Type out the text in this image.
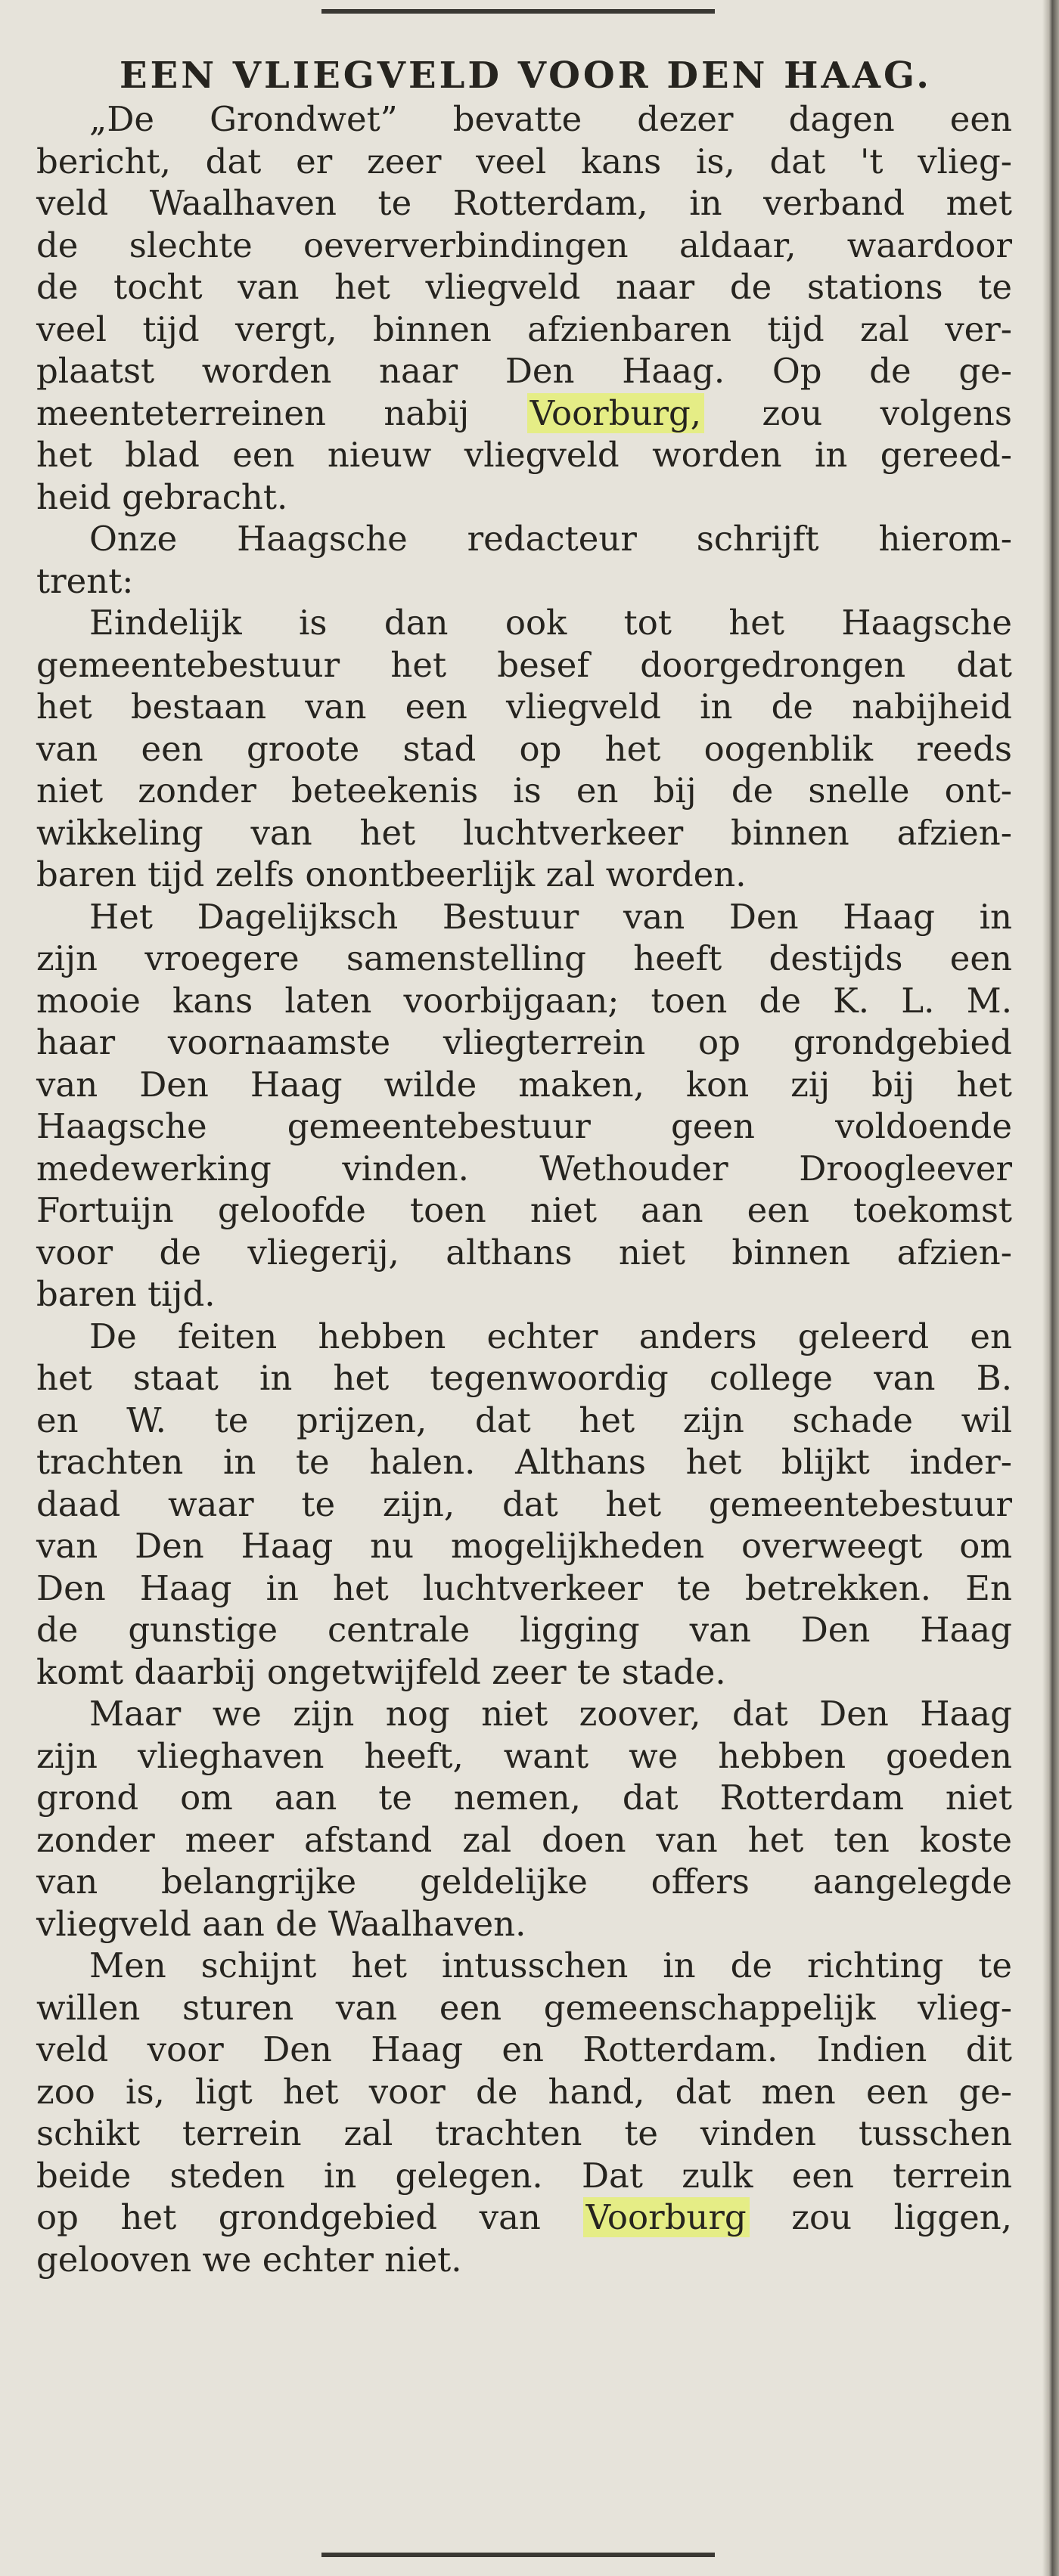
EEN VLIEGVELD VOOR DEN HAAG.
„De Grondwet” bevatte dezer dagen een
bericht, dat er zeer veel kans is, dat 't vlieg-
veld Waalhaven te Rotterdam, in verband met
de slechte oeververbindingen aldaar, waardoor
de tocht van het vliegveld naar de stations te
veel tijd vergt, binnen afzienbaren tijd zal ver-
plaatst worden naar Den Haag. Op de ge-
meenteterreinen nabij Voorburg, zou volgens
het blad een nieuw vliegveld worden in gereed-
heid gebracht.
Onze Haagsche redacteur schrijft hierom-
trent:
Eindelijk is dan ook tot het Haagsche
gemeentebestuur het besef doorgedrongen dat
het bestaan van een vliegveld in de nabijheid
van een groote stad op het oogenblik reeds
niet zonder beteekenis is en bij de snelle ont-
wikkeling van het luchtverkeer binnen afzien-
baren tijd zelfs onontbeerlijk zal worden.
Het Dagelijksch Bestuur van Den Haag in
zijn vroegere samenstelling heeft destijds een
mooie kans laten voorbijgaan; toen de K. L. M.
haar voornaamste vliegterrein op grondgebied
van Den Haag wilde maken, kon zij bij het
Haagsche gemeentebestuur geen voldoende
medewerking vinden. Wethouder Droogleever
Fortuijn geloofde toen niet aan een toekomst
voor de vliegerij, althans niet binnen afzien-
baren tijd.
De feiten hebben echter anders geleerd en
het staat in het tegenwoordig college van B.
en W. te prijzen, dat het zijn schade wil
trachten in te halen. Althans het blijkt inder-
daad waar te zijn, dat het gemeentebestuur
van Den Haag nu mogelijkheden overweegt om
Den Haag in het luchtverkeer te betrekken. En
de gunstige centrale ligging van Den Haag
komt daarbij ongetwijfeld zeer te stade.
Maar we zijn nog niet zoover, dat Den Haag
zijn vlieghaven heeft, want we hebben goeden
grond om aan te nemen, dat Rotterdam niet
zonder meer afstand zal doen van het ten koste
van belangrijke geldelijke offers aangelegde
vliegveld aan de Waalhaven.
Men schijnt het intusschen in de richting te
willen sturen van een gemeenschappelijk vlieg-
veld voor Den Haag en Rotterdam. Indien dit
zoo is, ligt het voor de hand, dat men een ge-
schikt terrein zal trachten te vinden tusschen
beide steden in gelegen. Dat zulk een terrein
op het grondgebied van Voorburg zou liggen,
gelooven we echter niet.
